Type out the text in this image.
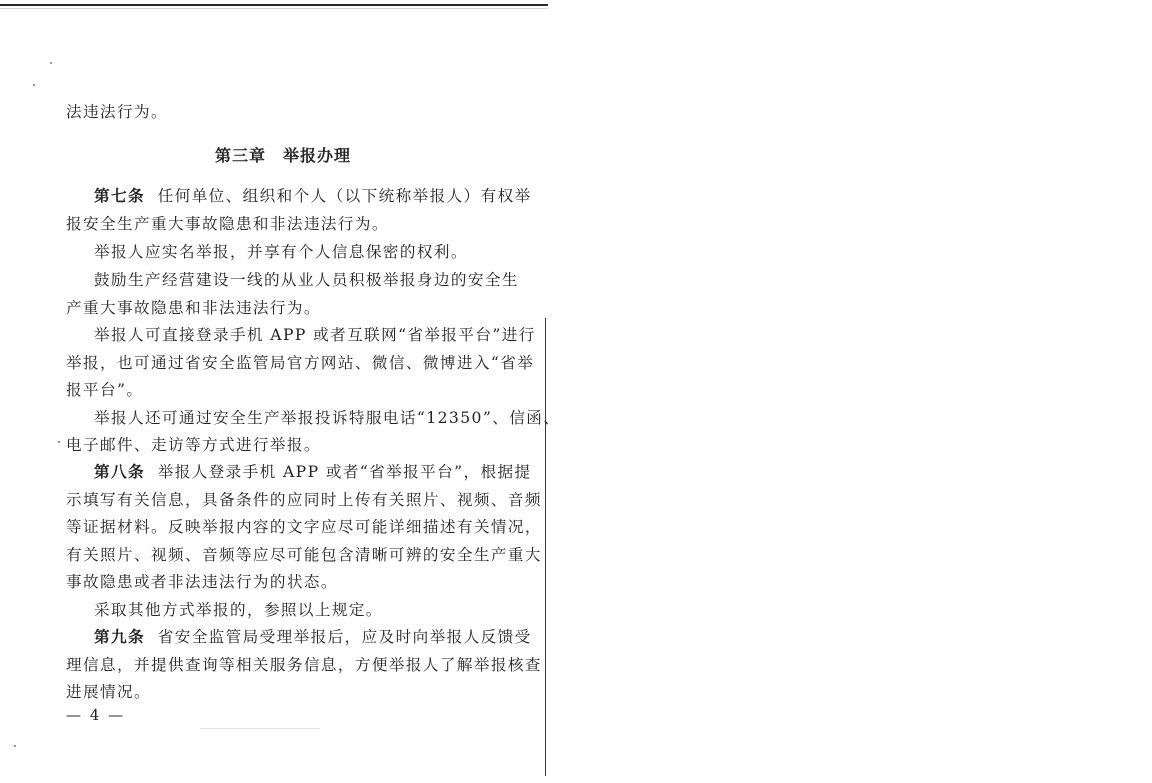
法违法行为。
第三章　举报办理
第七条 任何单位、组织和个人（以下统称举报人）有权举
报安全生产重大事故隐患和非法违法行为。
举报人应实名举报，并享有个人信息保密的权利。
鼓励生产经营建设一线的从业人员积极举报身边的安全生
产重大事故隐患和非法违法行为。
举报人可直接登录手机 APP 或者互联网“省举报平台”进行
举报，也可通过省安全监管局官方网站、微信、微博进入“省举
报平台”。
举报人还可通过安全生产举报投诉特服电话“12350”、信函、
电子邮件、走访等方式进行举报。
第八条 举报人登录手机 APP 或者“省举报平台”，根据提
示填写有关信息，具备条件的应同时上传有关照片、视频、音频
等证据材料。反映举报内容的文字应尽可能详细描述有关情况，
有关照片、视频、音频等应尽可能包含清晰可辨的安全生产重大
事故隐患或者非法违法行为的状态。
采取其他方式举报的，参照以上规定。
第九条 省安全监管局受理举报后，应及时向举报人反馈受
理信息，并提供查询等相关服务信息，方便举报人了解举报核查
进展情况。
— 4 —
